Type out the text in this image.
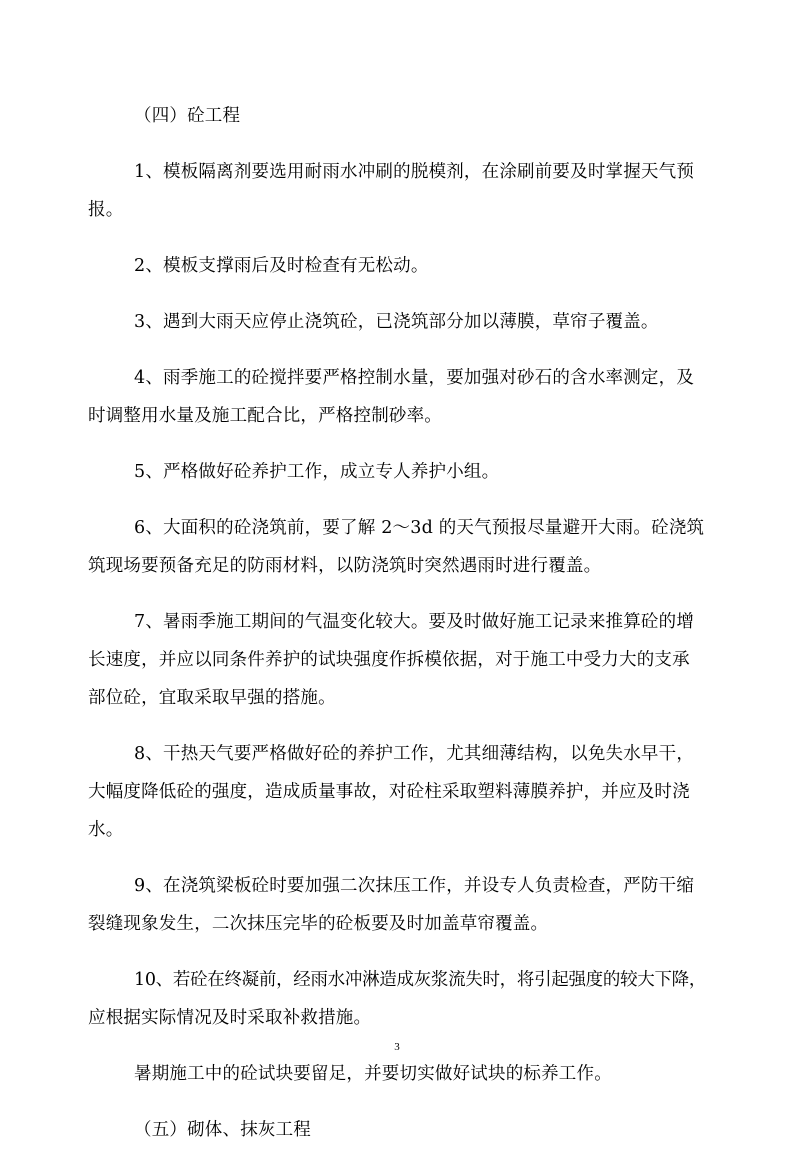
（四）砼工程

1、模板隔离剂要选用耐雨水冲刷的脱模剂，在涂刷前要及时掌握天气预

报。

2、模板支撑雨后及时检查有无松动。

3、遇到大雨天应停止浇筑砼，已浇筑部分加以薄膜，草帘子覆盖。

4、雨季施工的砼搅拌要严格控制水量，要加强对砂石的含水率测定，及

时调整用水量及施工配合比，严格控制砂率。

5、严格做好砼养护工作，成立专人养护小组。

6、大面积的砼浇筑前，要了解 2～3d 的天气预报尽量避开大雨。砼浇筑

筑现场要预备充足的防雨材料，以防浇筑时突然遇雨时进行覆盖。

7、暑雨季施工期间的气温变化较大。要及时做好施工记录来推算砼的增

长速度，并应以同条件养护的试块强度作拆模依据，对于施工中受力大的支承

部位砼，宜取采取早强的搭施。

8、干热天气要严格做好砼的养护工作，尤其细薄结构，以免失水早干，

大幅度降低砼的强度，造成质量事故，对砼柱采取塑料薄膜养护，并应及时浇

水。

9、在浇筑梁板砼时要加强二次抹压工作，并设专人负责检查，严防干缩

裂缝现象发生，二次抹压完毕的砼板要及时加盖草帘覆盖。

10、若砼在终凝前，经雨水冲淋造成灰浆流失时，将引起强度的较大下降，

应根据实际情况及时采取补救措施。

暑期施工中的砼试块要留足，并要切实做好试块的标养工作。

（五）砌体、抹灰工程

3
